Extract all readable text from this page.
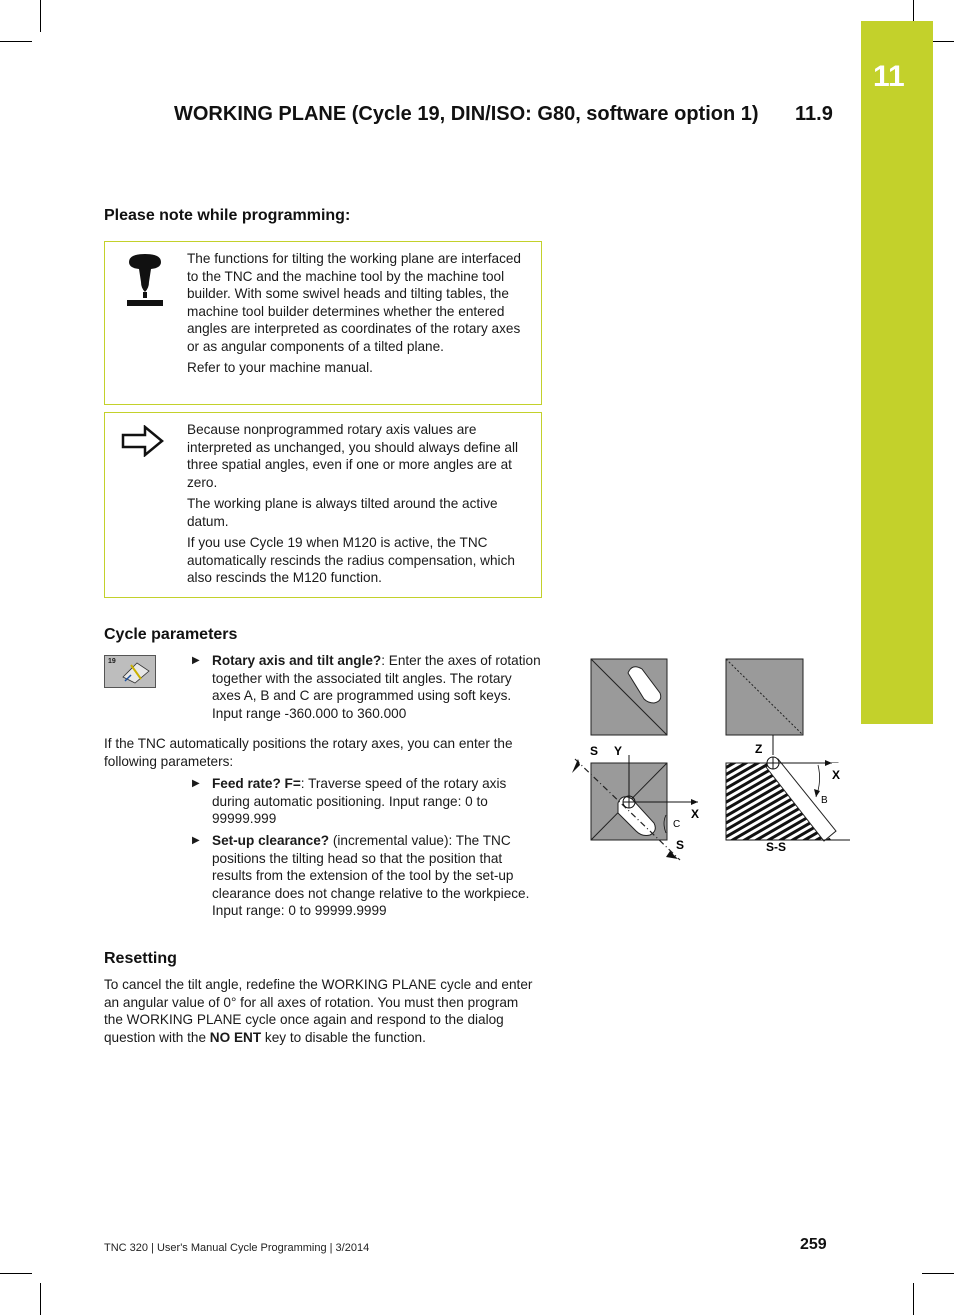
11
WORKING PLANE (Cycle 19, DIN/ISO: G80, software option 1) 11.9
Please note while programming:

The functions for tilting the working plane are interfaced to the TNC and the machine tool by the machine tool builder. With some swivel heads and tilting tables, the machine tool builder determines whether the entered angles are interpreted as coordinates of the rotary axes or as angular components of a tilted plane.

Refer to your machine manual.

Because nonprogrammed rotary axis values are interpreted as unchanged, you should always define all three spatial angles, even if one or more angles are at zero.

The working plane is always tilted around the active datum.

If you use Cycle 19 when M120 is active, the TNC automatically rescinds the radius compensation, which also rescinds the M120 function.

Cycle parameters
19	▶ Rotary axis and tilt angle?: Enter the axes of rotation together with the associated tilt angles. The rotary axes A, B and C are programmed using soft keys. Input range -360.000 to 360.000
If the TNC automatically positions the rotary axes, you can enter the following parameters:
▶ Feed rate? F=: Traverse speed of the rotary axis during automatic positioning. Input range: 0 to 99999.999
▶ Set-up clearance? (incremental value): The TNC positions the tilting head so that the position that results from the extension of the tool by the set-up clearance does not change relative to the workpiece. Input range: 0 to 99999.9999
S Y
X
C
S
Z
X
B
S-S
Resetting
To cancel the tilt angle, redefine the WORKING PLANE cycle and enter an angular value of 0° for all axes of rotation. You must then program the WORKING PLANE cycle once again and respond to the dialog question with the NO ENT key to disable the function.
TNC 320 | User's Manual Cycle Programming | 3/2014	259
